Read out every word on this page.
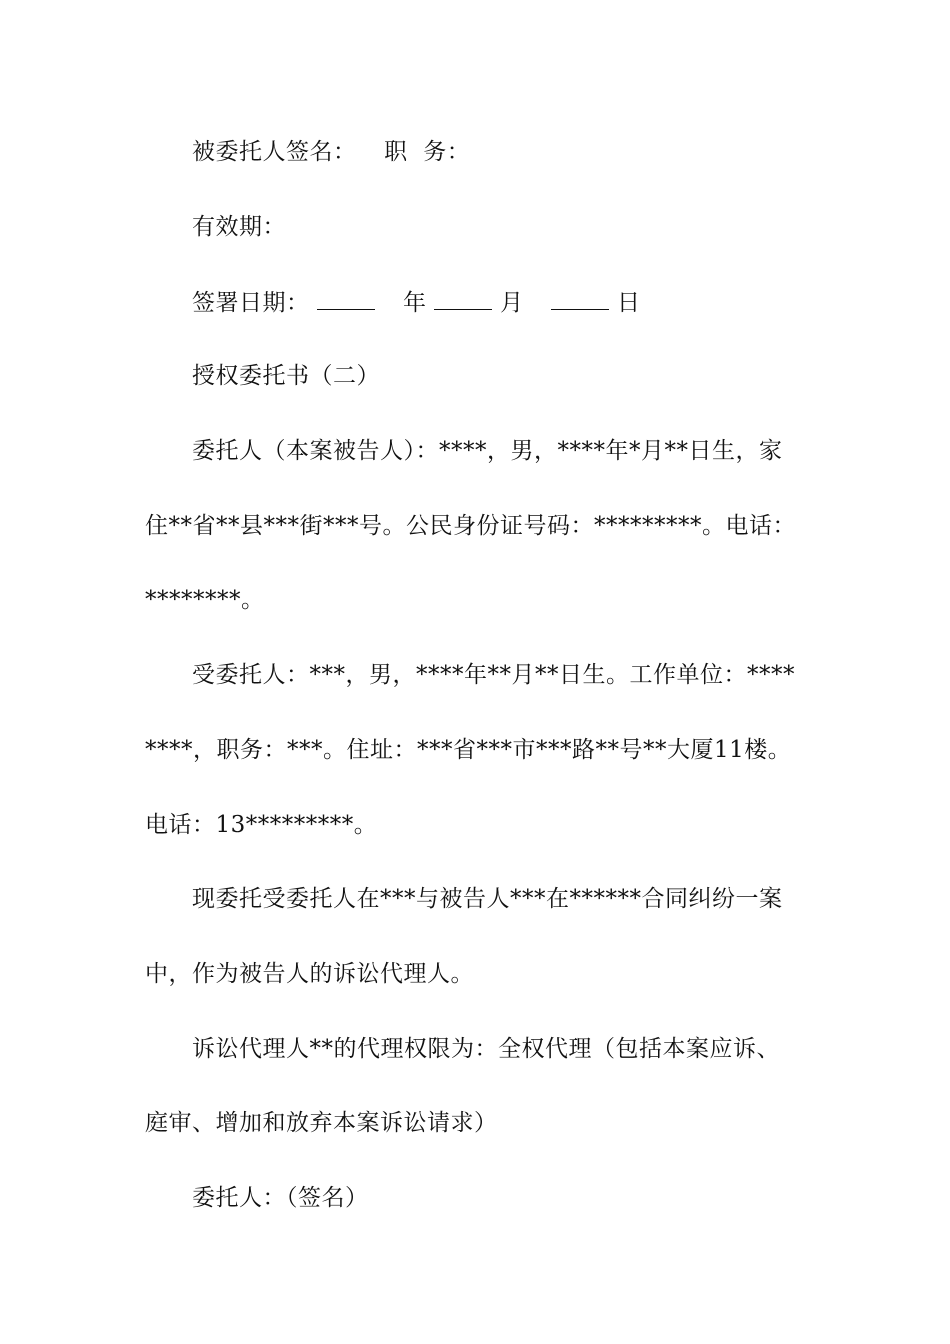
被委托人签名： 职  务：
有效期：
签署日期：	年	月	日
授权委托书（二）
委托人（本案被告人）：****，男，****年*月**日生，家
住**省**县***街***号。公民身份证号码：*********。电话：
********。
受委托人：***，男，****年**月**日生。工作单位：****
****，职务：***。住址：***省***市***路**号**大厦11楼。
电话：13*********。
现委托受委托人在***与被告人***在******合同纠纷一案
中，作为被告人的诉讼代理人。
诉讼代理人**的代理权限为：全权代理（包括本案应诉、
庭审、增加和放弃本案诉讼请求）
委托人：（签名）
